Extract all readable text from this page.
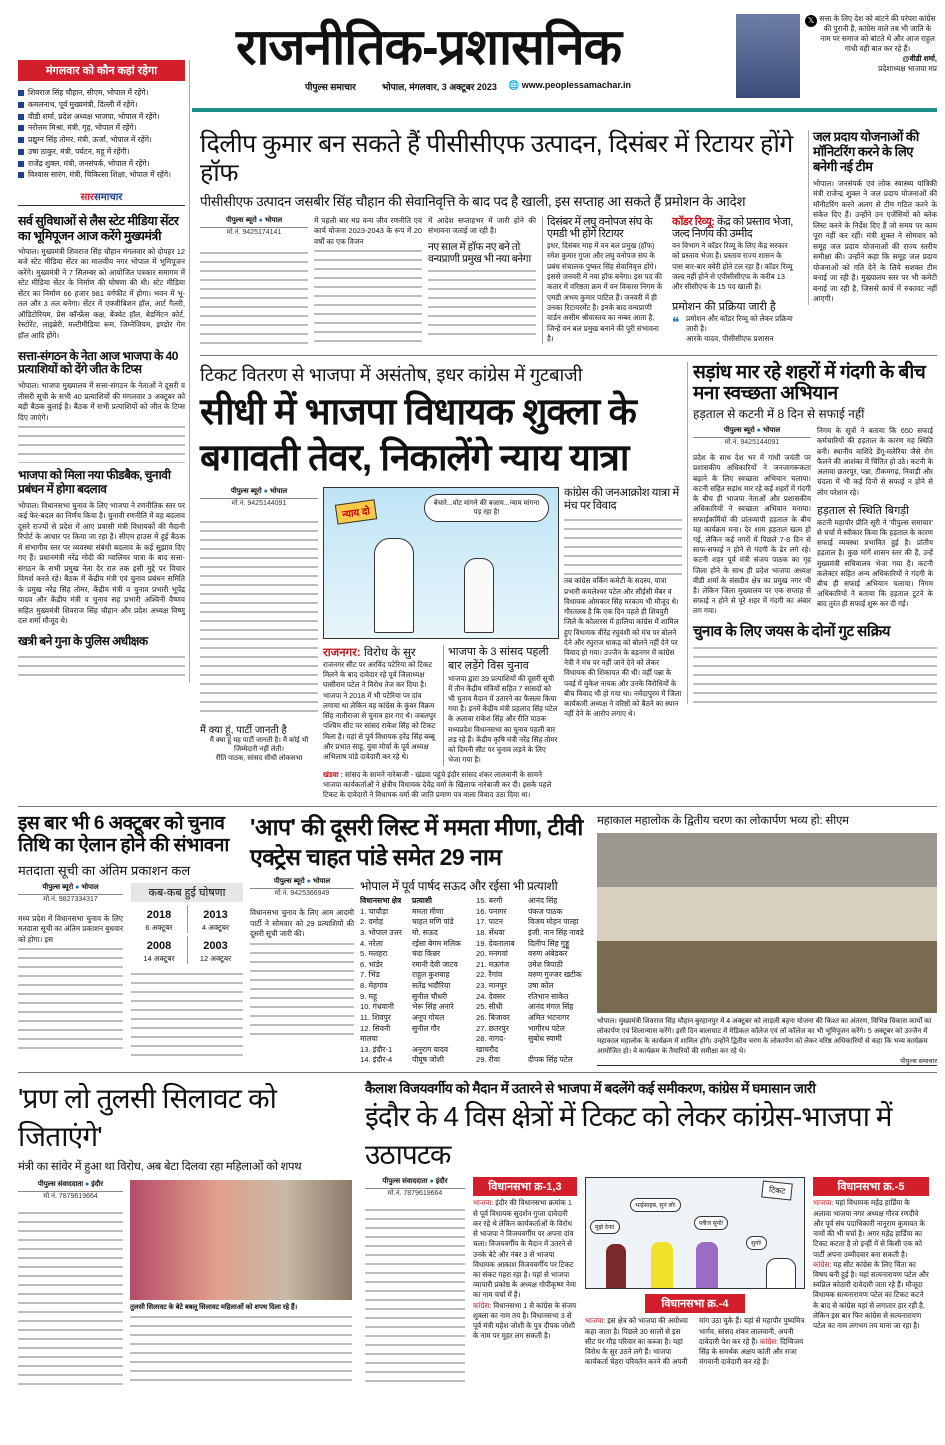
मंगलवार को कौन कहां रहेगा
शिवराज सिंह चौहान, सीएम, भोपाल में रहेंगे।
कमलनाथ, पूर्व मुख्यमंत्री, दिल्ली में रहेंगे।
वीडी शर्मा, प्रदेश अध्यक्ष भाजपा, भोपाल में रहेंगे।
नरोत्तम मिश्रा, मंत्री, गृह, भोपाल में रहेंगे।
प्रद्युम्न सिंह तोमर, मंत्री, ऊर्जा, भोपाल में रहेंगे।
उषा ठाकुर, मंत्री, पर्यटन, महू में रहेंगी।
राजेंद्र शुक्ल, मंत्री, जनसंपर्क, भोपाल में रहेंगे।
विश्वास सारंग, मंत्री, चिकित्सा शिक्षा, भोपाल में रहेंगे।
सारसमाचार
सर्व सुविधाओं से लैस स्टेट मीडिया सेंटर का भूमिपूजन आज करेंगे मुख्यमंत्री
भोपाल। मुख्यमंत्री शिवराज सिंह चौहान मंगलवार को दोपहर 12 बजे स्टेट मीडिया सेंटर का मालवीय नगर भोपाल में भूमिपूजन करेंगे। मुख्यमंत्री ने 7 सितम्बर को आयोजित पत्रकार समागम में स्टेट मीडिया सेंटर के निर्माण की घोषणा की थी। स्टेट मीडिया सेंटर का निर्माण 66 हजार 981 वर्गफीट में होगा। भवन में भू-तल और 3 तल बनेगा। सेंटर में एक्जीबिशन हॉल, आर्ट गैलरी, ऑडिटोरियम, प्रेस कॉन्फ्रेंस कक्ष, बेंक्वेट हॉल, बेडमिंटन कोर्ट, रेस्टोरेंट, लाइब्रेरी, मल्टीमीडिया रूम, जिम्नेजियम, इण्डोर गेम हॉल आदि होंगे।
सत्ता-संगठन के नेता आज भाजपा के 40 प्रत्याशियों को देंगे जीत के टिप्स
भोपाल। भाजपा मुख्यालय में सत्ता-संगठन के नेताओं ने दूसरी व तीसरी सूची के सभी 40 प्रत्याशियों की मंगलवार 3 अक्टूबर को बड़ी बैठक बुलाई है। बैठक में सभी प्रत्याशियों को जीत के टिप्स दिए जाएंगे।
भाजपा को मिला नया फीडबैक, चुनावी प्रबंधन में होगा बदलाव
भोपाल। विधानसभा चुनाव के लिए भाजपा ने रणनीतिक स्तर पर कई फेर-बदल का निर्णय किया है। चुनावी रणनीति में यह बदलाव दूसरे राज्यों से प्रदेश में आए प्रवासी मंत्री विधायकों की मैदानी रिपोर्ट के आधार पर किया जा रहा है। सीएम हाउस में हुई बैठक में संभागीय स्तर पर व्यवस्था संबंधी बदलाव के कई सुझाव दिए गए हैं। प्रधानमंत्री नरेंद्र मोदी की ग्वालियर यात्रा के बाद सत्ता- संगठन के सभी प्रमुख नेता देर रात तक इसी मुद्दे पर विचार विमर्श करते रहे। बैठक में केंद्रीय मंत्री एवं चुनाव प्रबंधन समिति के प्रमुख नरेंद्र सिंह तोमर, केंद्रीय मंत्री व चुनाव प्रभारी भूपेंद्र यादव और केंद्रीय मंत्री व चुनाव सह प्रभारी अश्विनी वैष्णव सहित मुख्यमंत्री शिवराज सिंह चौहान और प्रदेश अध्यक्ष विष्णु दत्त शर्मा मौजूद थे।
खत्री बने गुना के पुलिस अधीक्षक
राजनीतिक-प्रशासनिक
पीपुल्स समाचार	भोपाल, मंगलवार, 3 अक्टूबर 2023 🌐 www.peoplessamachar.in
𝕏 सत्ता के लिए देश को बांटने की परंपरा कांग्रेस की पुरानी है, कांग्रेस वाले तब भी जाति के नाम पर समाज को बांटते थे और आज राहुल गांधी वही बात कर रहे हैं।
@वीडी शर्मा,
प्रदेशाध्यक्ष भाजपा मप्र
दिलीप कुमार बन सकते हैं पीसीसीएफ उत्पादन, दिसंबर में रिटायर होंगे हॉफ
पीसीसीएफ उत्पादन जसबीर सिंह चौहान की सेवानिवृत्ति के बाद पद है खाली, इस सप्ताह आ सकते हैं प्रमोशन के आदेश
पीपुल्स ब्यूरो ● भोपाल
मो.नं. 9425174141
में पहली बार मप्र वन्य जीव रणनीति एवं कार्य योजना 2023-2043 के रूप में 20 वर्षों का एक विजन
में आदेश सप्ताहभर में जारी होने की संभावना जताई जा रही है।
नए साल में हॉफ नए बने तो वन्यप्राणी प्रमुख भी नया बनेगा
दिसंबर में लघु वनोपज संघ के एमडी भी होंगे रिटायर
इधर, दिसंबर माह में वन बल प्रमुख (हॉफ) रमेश कुमार गुप्ता और लघु वनोपज संघ के प्रबंध संचालक पुष्कर सिंह सेवानिवृत्त होंगे। इससे जनवरी में नया हॉफ बनेगा। इस पद की कतार में वरिष्ठता क्रम में वन विकास निगम के एमडी अभय कुमार पाटिल हैं। जनवरी में ही उनका रिटायरमेंट है। इनके बाद वन्यप्राणी वार्डन असीम श्रीवास्तव का नम्बर आता है, जिन्हें वन बल प्रमुख बनाने की पूरी संभावना है।
कॉडर रिव्यू: केंद्र को प्रस्ताव भेजा, जल्द निर्णय की उम्मीद
वन विभाग ने कॉडर रिव्यू के लिए केंद्र सरकार को प्रस्ताव भेजा है। प्रस्ताव राज्य शासन के पास बार-बार क्वेरी होने टल रहा है। कॉडर रिव्यू जल्द नहीं होने से एपीसीसीएफ के करीब 13 और सीसीएफ के 15 पद खाली हैं।
प्रमोशन की प्रक्रिया जारी है
❝ प्रमोशन और कॉडर रिव्यू को लेकर प्रक्रिया जारी है।
आरके यादव, पीसीसीएफ प्रशासन
जल प्रदाय योजनाओं की मॉनिटरिंग करने के लिए बनेगी नई टीम
भोपाल। जनसंपर्क एवं लोक स्वास्थ्य यांत्रिकी मंत्री राजेन्द्र शुक्ल ने जल प्रदाय योजनाओं की मॉनीटरिंग करने अलग से टीम गठित करने के संकेत दिए हैं। उन्होंने उन एजेंसियों को ब्लेक लिस्ट करने के निर्देश दिए हैं जो समय पर काम पूरा नहीं कर रहीं। मंत्री शुक्ल ने सोमवार को समूह जल प्रदाय योजनाओं की राज्य स्तरीय समीक्षा की। उन्होंने कहा कि समूह जल प्रदाय योजनाओं को गति देने के लिये सशक्त टीम बनाई जा रही है। मुख्यालय स्तर पर भी कमेटी बनाई जा रही है, जिससे कार्य में रुकावट नहीं आएगी।
टिकट वितरण से भाजपा में असंतोष, इधर कांग्रेस में गुटबाजी
सीधी में भाजपा विधायक शुक्ला के बगावती तेवर, निकालेंगे न्याय यात्रा
पीपुल्स ब्यूरो ● भोपाल
मो.नं. 9425144091
मैं क्या हूं, पार्टी जानती है
मैं क्या हूं यह पार्टी जानती है। मैं कोई भी जिम्मेदारी नहीं लेती।
रीति पाठक, सांसद सीधी लोकसभा
न्याय दो
बेचारे...वोट मांगने की बजाय...न्याय मांगना पड़ रहा है!
राजनगर: विरोध के सुर
राजनगर सीट पर अरविंद पटेरिया को टिकट मिलने के बाद दावेदार रहे पूर्व जिलाध्यक्ष घासीराम पटेल ने विरोध तेज कर दिया है। भाजपा ने 2018 में भी पटेरिया पर दांव लगाया था लेकिन वह कांग्रेस के कुंवर विक्रम सिंह नातीराजा से चुनाव हार गए थे। जबलपुर पश्चिम सीट पर सांसद राकेश सिंह को टिकट मिला है। यहां से पूर्व विधायक हरेंद्र सिंह बब्बू और प्रभात साहू, युवा मोर्चा के पूर्व अध्यक्ष अभिलाष पांडे दावेदारी कर रहे थे।
भाजपा के 3 सांसद पहली बार लड़ेंगे विस चुनाव
भाजपा द्वारा 39 प्रत्याशियों की दूसरी सूची में तीन केंद्रीय मंत्रियों सहित 7 सांसदों को भी चुनाव मैदान में उतारने का फैसला किया गया है। इनमें केंद्रीय मंत्री प्रहलाद सिंह पटेल के अलावा राकेश सिंह और रीति पाठक मध्यप्रदेश विधानसभा का चुनाव पहली बार लड़ रहे हैं। केंद्रीय कृषि मंत्री नरेंद्र सिंह तोमर को दिमनी सीट पर चुनाव लड़ने के लिए भेजा गया है।
खंडवा : सांसद के सामने नारेबाजी - खंडवा पहुंचे इंदौर सांसद शंकर लालवानी के सामने भाजपा कार्यकर्ताओं ने क्षेत्रीय विधायक देवेंद्र वर्मा के खिलाफ नारेबाजी कर दी। इसके पहले टिकट के दावेदारों ने विधायक वर्मा की जाति प्रमाण पत्र वाला विवाद उठा दिया था।
कांग्रेस की जनआक्रोश यात्रा में मंच पर विवाद
तब कांग्रेस वर्किंग कमेटी के सदस्य, यात्रा प्रभारी कमलेश्वर पटेल और सीईसी मेंबर व विधायक ओमकार सिंह मरकाम भी मौजूद थे। गौरतलब है कि एक दिन पहले ही शिवपुरी जिले के कोलारस में हालिया कांग्रेस में शामिल हुए विधायक वीरेंद्र रघुवंशी को मंच पर बोलने देने और रघुराज धाकड़ को बोलने नहीं देने पर विवाद हो गया। उज्जैन के बड़नगर में कांग्रेस नेत्री ने मंच पर नहीं जाने देने को लेकर विधायक की शिकायत की थी। वहीं पन्ना के पवई में मुकेश नायक और उनके विरोधियों के बीच विवाद भी हो गया था। नर्मदापुरम में जिला कार्यकारी अध्यक्ष ने वरिष्ठों को बैठने का स्थान नहीं देने के आरोप लगाए थे।
सड़ांध मार रहे शहरों में गंदगी के बीच मना स्वच्छता अभियान
हड़ताल से कटनी में 8 दिन से सफाई नहीं
पीपुल्स ब्यूरो ● भोपाल
मो.नं. 9425144091
प्रदेश के साथ देश भर में गांधी जयंती पर प्रशासकीय अधिकारियों ने जनजागरूकता बढ़ाने के लिए स्वच्छता अभियान चलाया। कटनी सहित सड़ांध मार रहे कई शहरों में गंदगी के बीच ही भाजपा नेताओं और प्रशासकीय अधिकारियों ने स्वच्छता अभियान मनाया। सफाईकर्मियों की प्रांतव्यापी हड़ताल के बीच यह कार्यक्रम मना। देर शाम हड़ताल खत्म हो गई, लेकिन कई नगरों में पिछले 7-8 दिन से साफ-सफाई न होने से गंदगी के ढेर लगे रहे। कटनी शहर पूर्व मंत्री संजय पाठक का गृह जिला होने के साथ ही प्रदेश भाजपा अध्यक्ष वीडी शर्मा के संसदीय क्षेत्र का प्रमुख नगर भी है। लेकिन जिला मुख्यालय पर एक सप्ताह से सफाई न होने से पूरे शहर में गंदगी का अंबार लग गया।
निगम के सूत्रों ने बताया कि 650 सफाई कर्मचारियों की हड़ताल के कारण यह स्थिति बनी। स्थानीय वाशिंदे डेंगू-मलेरिया जैसे रोग फैलने की आशंका में चिंतित हो उठे। कटनी के अलावा छतरपुर, पन्ना, टीकमगढ़, निवाड़ी और चंदला में भी कई दिनों से सफाई न होने से लोग परेशान रहे।
हड़ताल से स्थिति बिगड़ी
कटनी महापौर प्रीति सूरी ने 'पीपुल्स समाचार' से चर्चा में स्वीकार किया कि हड़ताल के कारण सफाई व्यवस्था प्रभावित हुई है। प्रांतीय हड़ताल है। कुछ मांगें शासन स्तर की हैं, उन्हें मुख्यमंत्री सचिवालय भेजा गया है। कटनी कलेक्टर सहित अन्य अधिकारियों ने गंदगी के बीच ही सफाई अभियान चलाया। निगम अधिकारियों ने बताया कि हड़ताल टूटने के बाद तुरंत ही सफाई शुरू कर दी गई।
चुनाव के लिए जयस के दोनों गुट सक्रिय
इस बार भी 6 अक्टूबर को चुनाव तिथि का ऐलान होने की संभावना
मतदाता सूची का अंतिम प्रकाशन कल
पीपुल्स ब्यूरो ● भोपाल
मो.नं. 9827334317
मध्य प्रदेश में विधानसभा चुनाव के लिए मतदाता सूची का अंतिम प्रकाशन बुधवार को होगा। इस
कब-कब हुई घोषणा
2018
6 अक्टूबर
2013
4 अक्टूबर
2008
14 अक्टूबर
2003
12 अक्टूबर
'आप' की दूसरी लिस्ट में ममता मीणा, टीवी एक्ट्रेस चाहत पांडे समेत 29 नाम
पीपुल्स ब्यूरो ● भोपाल
मो.नं. 9425366949
विधानसभा चुनाव के लिए आम आदमी पार्टी ने सोमवार को 29 प्रत्याशियों की दूसरी सूची जारी की।
भोपाल में पूर्व पार्षद सऊद और रईसा भी प्रत्याशी
विधानसभा क्षेत्र	प्रत्याशी
1. चाचौड़ा	ममता मीणा
2. दमोह	चाहत मणि पांडे
3. भोपाल उत्तर	मो. सऊद
4. नरेला	रईसा बेगम मलिक
5. मलहरा	चंदा किन्नर
6. भांडेर	रमानी देवी जाटव
7. भिंड	राहुल कुशवाह
8. मेहगांव	सतेंद्र भदौरिया
9. महू	सुनील चौधरी
10. गंधवानी	भेरू सिंह अनारे
11. शिवपुर	अनूप गोयल
12. सिवनी मालवा	सुनील गौर
13. इंदौर-1	अनुराग यादव
14. इंदौर-4	पीयूष जोशी
15. बरगी	आनंद सिंह
16. पनागर	पंकज पाठक
17. पाटन	विजय मोहन पाल्हा
18. सेंधवा	इंजी. नान सिंह नावडे
19. देवतालाब	दिलीप सिंह गुड्डू
20. मनगवां	वरुण अंबेडकर
21. मऊगंज	उमेश त्रिपाठी
22. रैगांव	वरुण गुज्जर खटीक
23. मानपुर	उषा कोल
24. देवसर	रतिभान साकेत
25. सीधी	आनंद मंगल सिंह
26. बिजावर	अमित भटनागर
27. छतरपुर	भागीरथ पटेल
28. नागद- खाचरौद	सुबोध स्वामी
29. रीवा	दीपक सिंह पटेल
महाकाल महालोक के द्वितीय चरण का लोकार्पण भव्य हो: सीएम
भोपाल। मुख्यमंत्री शिवराज सिंह चौहान बुरहानपुर में 4 अक्टूबर को लाड़ली बहना योजना की किश्त का अंतरण, विभिन्न विकास कार्यों का लोकार्पण एवं शिलान्यास करेंगे। इसी दिन बालाघाट में मेडिकल कॉलेज एवं लॉ कॉलेज का भी भूमिपूजन करेंगे। 5 अक्टूबर को उज्जैन में महाकाल महालोक के कार्यक्रम में शामिल होंगे। उन्होंने द्वितीय चरण के लोकार्पण को लेकर वरिष्ठ अधिकारियों से कहा कि भव्य कार्यक्रम आयोजित हो। वे कार्यक्रम के तैयारियों की समीक्षा कर रहे थे।
पीपुल्स समाचार
'प्रण लो तुलसी सिलावट को जिताएंगे'
मंत्री का सांवेर में हुआ था विरोध, अब बेटा दिलवा रहा महिलाओं को शपथ
पीपुल्स संवाददाता ● इंदौर
मो.नं. 7879619664
तुलसी सिलावट के बेटे बबलू सिलावट महिलाओं को शपथ दिला रहे हैं।
कैलाश विजयवर्गीय को मैदान में उतारने से भाजपा में बदलेंगे कई समीकरण, कांग्रेस में घमासान जारी
इंदौर के 4 विस क्षेत्रों में टिकट को लेकर कांग्रेस-भाजपा में उठापटक
पीपुल्स संवाददाता ● इंदौर
मो.नं. 7879619664
विधानसभा क्र-1,3
भाजपा: इंदौर की विधानसभा क्रमांक 1 से पूर्व विधायक सुदर्शन गुप्ता दावेदारी कर रहे थे लेकिन कार्यकर्ताओं के विरोध से भाजपा ने विजयवर्गीय पर अपना दांव चला। विजयवर्गीय के मैदान में उतरने से उनके बेटे और नंबर 3 से भाजपा विधायक आकाश विजयवर्गीय पर टिकट का संकट गहरा रहा है। यहां से भाजपा व्यापारी प्रकोष्ठ के अध्यक्ष गोपीकृष्ण नेमा का नाम चर्चा में है।
कांग्रेस: विधानसभा 1 से कांग्रेस के संजय शुक्ला का नाम तय है। विधानसभा 3 से पूर्व मंत्री महेश जोशी के पुत्र दीपक जोशी के नाम पर मुहर लग सकती है।
टिकट
मुझे देना!
भाईसाहब, सुन लो!
प्लीज सुनो!
सुनो!
विधानसभा क्र.-4
भाजपा: इस क्षेत्र को भाजपा की अयोध्या कहा जाता है। पिछले 30 सालों से इस सीट पर गौड़ परिवार का कब्जा है। यहां विरोध के सुर उठने लगे हैं। भाजपा कार्यकर्ता चेहरा परिवर्तन करने की अपनी मांग उठा चुके हैं। यहां से महापौर पुष्यमित्र भार्गव, सांसद शंकर लालवानी, अपनी दावेदारी पेश कर रहे हैं। कांग्रेस: दिग्विजय सिंह के समर्थक अक्षय कांती और राजा मंगवानी दावेदारी कर रहे हैं।
विधानसभा क्र.-5
भाजपा: यहां विधायक महेंद्र हार्डिया के अलावा भाजपा नगर अध्यक्ष गौरव रणदीवे और पूर्व संघ पदाधिकारी नानूराम कुमावत के नामों की भी चर्चा है। अगर महेंद्र हार्डिया का टिकट कटता है तो इन्हीं में से किसी एक को पार्टी अपना उम्मीदवार बना सकती है।
कांग्रेस: यह सीट कांग्रेस के लिए चिंता का विषय बनी हुई है। यहां सत्यनारायण पटेल और स्वप्निल कोठारी दावेदारी जता रहे हैं। मौजूदा विधायक सत्यनारायण पटेल का टिकट कटने के बाद से कांग्रेस यहां से लगातार हार रही है, लेकिन इस बार फिर कांग्रेस से सत्यनारायण पटेल का नाम लगभग तय माना जा रहा है।
